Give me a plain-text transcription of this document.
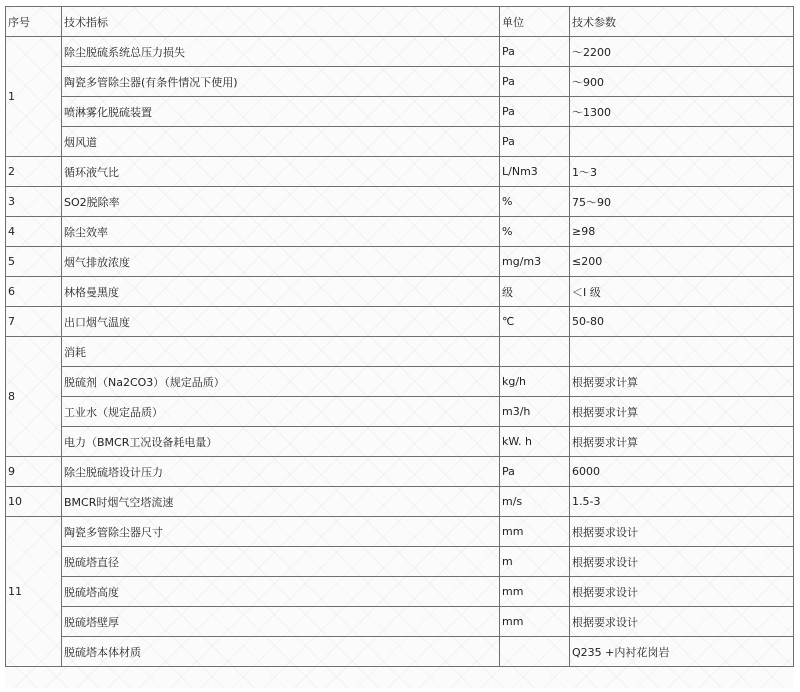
序号	技术指标	单位	技术参数
1	除尘脱硫系统总压力损失	Pa	～2200
	陶瓷多管除尘器(有条件情况下使用)	Pa	～900
	喷淋雾化脱硫装置	Pa	～1300
	烟风道	Pa	
2	循环液气比	L/Nm3	1～3
3	SO2脱除率	%	75～90
4	除尘效率	%	≥98
5	烟气排放浓度	mg/m3	≤200
6	林格曼黑度	级	＜I 级
7	出口烟气温度	℃	50-80
8	消耗		
	脱硫剂（Na2CO3）（规定品质）	kg/h	根据要求计算
	工业水（规定品质）	m3/h	根据要求计算
	电力（BMCR工况设备耗电量）	kW. h	根据要求计算
9	除尘脱硫塔设计压力	Pa	6000
10	BMCR时烟气空塔流速	m/s	1.5-3
11	陶瓷多管除尘器尺寸	mm	根据要求设计
	脱硫塔直径	m	根据要求设计
	脱硫塔高度	mm	根据要求设计
	脱硫塔壁厚	mm	根据要求设计
	脱硫塔本体材质		Q235 +内衬花岗岩
